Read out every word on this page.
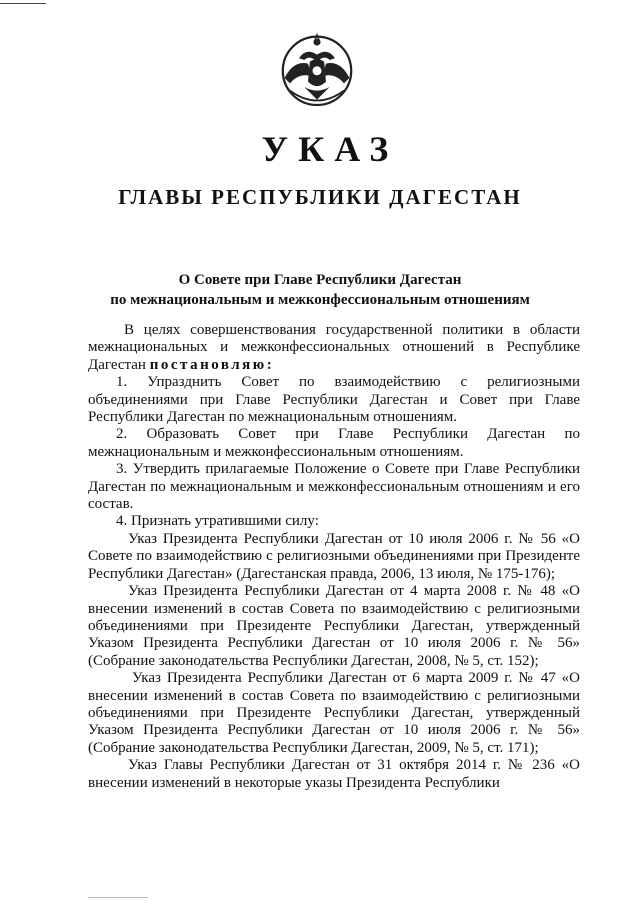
УКАЗ
ГЛАВЫ РЕСПУБЛИКИ ДАГЕСТАН
О Совете при Главе Республики Дагестан
по межнациональным и межконфессиональным отношениям

В целях совершенствования государственной политики в области межнациональных и межконфессиональных отношений в Республике Дагестан постановляю:

1. Упразднить Совет по взаимодействию с религиозными объединениями при Главе Республики Дагестан и Совет при Главе Республики Дагестан по межнациональным отношениям.

2. Образовать Совет при Главе Республики Дагестан по межнациональным и межконфессиональным отношениям.

3. Утвердить прилагаемые Положение о Совете при Главе Республики Дагестан по межнациональным и межконфессиональным отношениям и его состав.

4. Признать утратившими силу:

Указ Президента Республики Дагестан от 10 июля 2006 г. № 56 «О Совете по взаимодействию с религиозными объединениями при Президенте Республики Дагестан» (Дагестанская правда, 2006, 13 июля, № 175-176);

Указ Президента Республики Дагестан от 4 марта 2008 г. № 48 «О внесении изменений в состав Совета по взаимодействию с религиозными объединениями при Президенте Республики Дагестан, утвержденный Указом Президента Республики Дагестан от 10 июля 2006 г. № 56» (Собрание законодательства Республики Дагестан, 2008, № 5, ст. 152);

Указ Президента Республики Дагестан от 6 марта 2009 г. № 47 «О внесении изменений в состав Совета по взаимодействию с религиозными объединениями при Президенте Республики Дагестан, утвержденный Указом Президента Республики Дагестан от 10 июля 2006 г. № 56» (Собрание законодательства Республики Дагестан, 2009, № 5, ст. 171);

Указ Главы Республики Дагестан от 31 октября 2014 г. № 236 «О внесении изменений в некоторые указы Президента Республики
